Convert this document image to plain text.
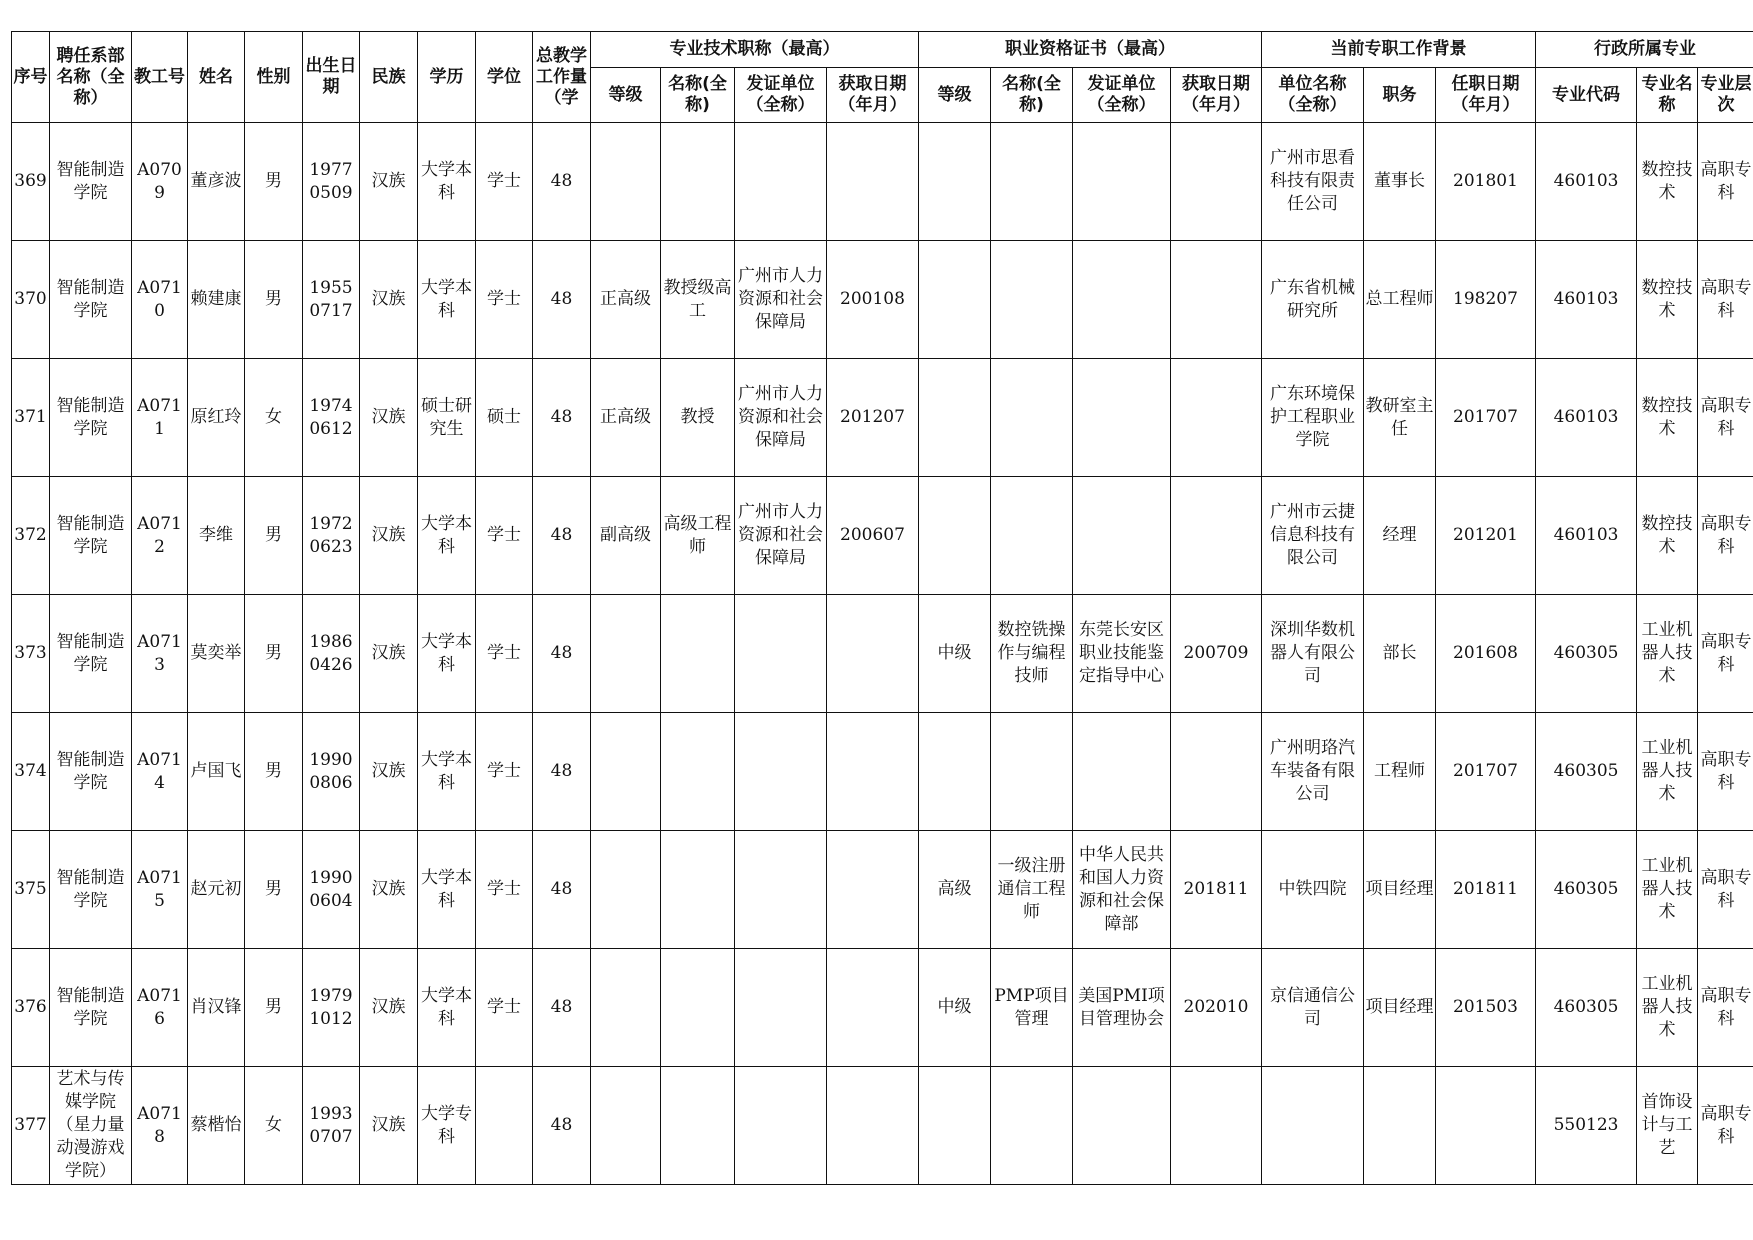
序号	聘任系部名称（全称）	教工号	姓名	性别	出生日期	民族	学历	学位	总教学工作量（学	专业技术职称（最高）				职业资格证书（最高）				当前专职工作背景			行政所属专业		
										等级	名称(全称)	发证单位（全称）	获取日期（年月）	等级	名称(全称)	发证单位（全称）	获取日期（年月）	单位名称（全称）	职务	任职日期（年月）	专业代码	专业名称	专业层次
369	智能制造学院	A0709	董彦波	男	19770509	汉族	大学本科	学士	48									广州市思看科技有限责任公司	董事长	201801	460103	数控技术	高职专科
370	智能制造学院	A0710	赖建康	男	19550717	汉族	大学本科	学士	48	正高级	教授级高工	广州市人力资源和社会保障局	200108					广东省机械研究所	总工程师	198207	460103	数控技术	高职专科
371	智能制造学院	A0711	原红玲	女	19740612	汉族	硕士研究生	硕士	48	正高级	教授	广州市人力资源和社会保障局	201207					广东环境保护工程职业学院	教研室主任	201707	460103	数控技术	高职专科
372	智能制造学院	A0712	李维	男	19720623	汉族	大学本科	学士	48	副高级	高级工程师	广州市人力资源和社会保障局	200607					广州市云捷信息科技有限公司	经理	201201	460103	数控技术	高职专科
373	智能制造学院	A0713	莫奕举	男	19860426	汉族	大学本科	学士	48					中级	数控铣操作与编程技师	东莞长安区职业技能鉴定指导中心	200709	深圳华数机器人有限公司	部长	201608	460305	工业机器人技术	高职专科
374	智能制造学院	A0714	卢国飞	男	19900806	汉族	大学本科	学士	48									广州明珞汽车装备有限公司	工程师	201707	460305	工业机器人技术	高职专科
375	智能制造学院	A0715	赵元初	男	19900604	汉族	大学本科	学士	48					高级	一级注册通信工程师	中华人民共和国人力资源和社会保障部	201811	中铁四院	项目经理	201811	460305	工业机器人技术	高职专科
376	智能制造学院	A0716	肖汉锋	男	19791012	汉族	大学本科	学士	48					中级	PMP项目管理	美国PMI项目管理协会	202010	京信通信公司	项目经理	201503	460305	工业机器人技术	高职专科
377	艺术与传媒学院（星力量动漫游戏学院）	A0718	蔡楷怡	女	19930707	汉族	大学专科		48												550123	首饰设计与工艺	高职专科
